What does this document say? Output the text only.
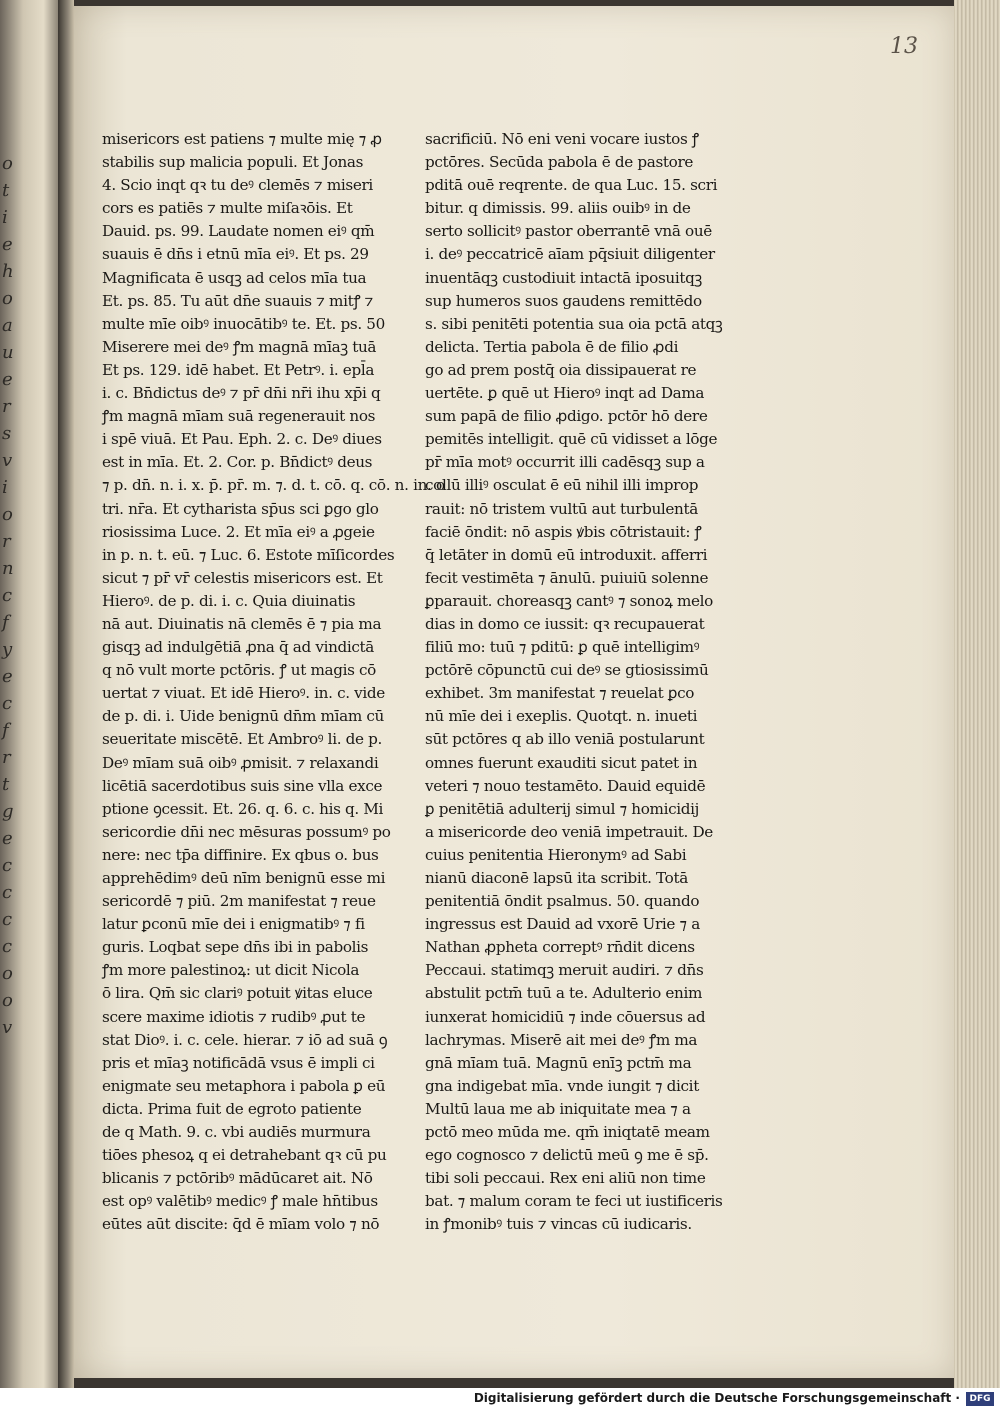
o
t
i
e
h
o
a
u
e
r
s
v
i
o
r
n
c
f
y
e
c
f
r
t
g
e
c
c
c
c
o
o
v
13
misericors est patiens ⁊ multe mię ⁊ ꝓ
stabilis sup malicia populi. Et Jonas
4. Scio inqt qꝛ tu deꝰ clemēs ⁊ miseri
cors es patiēs ⁊ multe miſaꝛōis. Et
Dauid. ps. 99. Laudate nomen eiꝰ qm̄
suauis ē dn̄s i etnū mīa eiꝰ. Et ps. 29
Magnificata ē usqꝫ ad celos mīa tua
Et. ps. 85. Tu aūt dn̄e suauis ⁊ mitꝭ ⁊
multe mīe oibꝰ inuocātibꝰ te. Et. ps. 50
Miserere mei deꝰ ꝭm magnā mīaꝫ tuā
Et ps. 129. idē habet. Et Petrꝰ. i. epl̄a
i. c. Bn̄dictus deꝰ ⁊ pr̄ dn̄i nr̄i ihu xp̄i q
ꝭm magnā mīam suā regenerauit nos
i spē viuā. Et Pau. Eph. 2. c. Deꝰ diues
est in mīa. Et. 2. Cor. p. Bn̄dictꝰ deus
⁊ p. dn̄. n. i. x. p̄. pr̄. m. ⁊. d. t. cō. q. cō. n. in. o
tri. nr̄a. Et cytharista sp̄us sci ꝑgo glo
riosissima Luce. 2. Et mīa eiꝰ a ꝓgeie
in p. n. t. eū. ⁊ Luc. 6. Estote mīſicordes
sicut ⁊ pr̄ vr̄ celestis misericors est. Et
Hieroꝰ. de p. di. i. c. Quia diuinatis
nā aut. Diuinatis nā clemēs ē ⁊ pia ma
gisqꝫ ad indulgētiā ꝓna q̄ ad vindictā
q nō vult morte pctōris. ꝭ ut magis cō
uertat ⁊ viuat. Et idē Hieroꝰ. in. c. vide
de p. di. i. Uide benignū dn̄m mīam cū
seueritate miscētē. Et Ambroꝰ li. de p.
Deꝰ mīam suā oibꝰ ꝓmisit. ⁊ relaxandi
licētiā sacerdotibus suis sine vlla exce
ptione ꝯcessit. Et. 26. q. 6. c. his q. Mi
sericordie dn̄i nec mēsuras possumꝰ po
nere: nec tp̄a diffinire. Ex qbus o. bus
apprehēdimꝰ deū nīm benignū esse mi
sericordē ⁊ piū. 2m manifestat ⁊ reue
latur ꝑconū mīe dei i enigmatibꝰ ⁊ fi
guris. Loqbat sepe dn̄s ibi in pabolis
ꝭm more palestinoꝝ: ut dicit Nicola
ō lira. Qm̄ sic clariꝰ potuit ꝟitas eluce
scere maxime idiotis ⁊ rudibꝰ ꝓut te
stat Dioꝰ. i. c. cele. hierar. ⁊ iō ad suā ꝯ
pris et mīaꝫ notificādā vsus ē impli ci
enigmate seu metaphora i pabola ꝑ eū
dicta. Prima fuit de egroto patiente
de q Math. 9. c. vbi audiēs murmura
tiōes phesoꝝ q ei detrahebant qꝛ cū pu
blicanis ⁊ pctōribꝰ mādūcaret ait. Nō
est opꝰ valētibꝰ medicꝰ ꝭ male hn̄tibus
eūtes aūt discite: q̄d ē mīam volo ⁊ nō
sacrificiū. Nō eni veni vocare iustos ꝭ
pctōres. Secūda pabola ē de pastore
pditā ouē reqrente. de qua Luc. 15. scri
bitur. q dimissis. 99. aliis ouibꝰ in de
serto sollicitꝰ pastor oberrantē vnā ouē
i. deꝰ peccatricē aīam pq̄siuit diligenter
inuentāqꝫ custodiuit intactā iposuitqꝫ
sup humeros suos gaudens remittēdo
s. sibi penitēti potentia sua oia pctā atqꝫ
delicta. Tertia pabola ē de filio ꝓdi
go ad prem postq̄ oia dissipauerat re
uertēte. ꝑ quē ut Hieroꝰ inqt ad Dama
sum papā de filio ꝓdigo. pctōr hō dere
pemitēs intelligit. quē cū vidisset a lōge
pr̄ mīa motꝰ occurrit illi cadēsqꝫ sup a
collū illiꝰ osculat ē eū nihil illi improp
rauit: nō tristem vultū aut turbulentā
faciē ōndit: nō aspis ꝟbis cōtristauit: ꝭ
q̄ letāter in domū eū introduxit. afferri
fecit vestimēta ⁊ ānulū. puiuiū solenne
ꝑparauit. choreasqꝫ cantꝰ ⁊ sonoꝝ melo
dias in domo ce iussit: qꝛ recupauerat
filiū mo: tuū ⁊ pditū: ꝑ quē intelligimꝰ
pctōrē cōpunctū cui deꝰ se gtiosissimū
exhibet. 3m manifestat ⁊ reuelat ꝑco
nū mīe dei i exeplis. Quotqt. n. inueti
sūt pctōres q ab illo veniā postularunt
omnes fuerunt exauditi sicut patet in
veteri ⁊ nouo testamēto. Dauid equidē
ꝑ penitētiā adulterij simul ⁊ homicidij
a misericorde deo veniā impetrauit. De
cuius penitentia Hieronymꝰ ad Sabi
nianū diaconē lapsū ita scribit. Totā
penitentiā ōndit psalmus. 50. quando
ingressus est Dauid ad vxorē Urie ⁊ a
Nathan ꝓpheta correptꝰ rn̄dit dicens
Peccaui. statimqꝫ meruit audiri. ⁊ dn̄s
abstulit pctm̄ tuū a te. Adulterio enim
iunxerat homicidiū ⁊ inde cōuersus ad
lachrymas. Miserē ait mei deꝰ ꝭm ma
gnā mīam tuā. Magnū enīꝫ pctm̄ ma
gna indigebat mīa. vnde iungit ⁊ dicit
Multū laua me ab iniquitate mea ⁊ a
pctō meo mūda me. qm̄ iniqtatē meam
ego cognosco ⁊ delictū meū ꝯ me ē sp̄.
tibi soli peccaui. Rex eni aliū non time
bat. ⁊ malum coram te feci ut iustificeris
in ꝭmonibꝰ tuis ⁊ vincas cū iudicaris.
Digitalisierung gefördert durch die Deutsche Forschungsgemeinschaft ·	DFG
